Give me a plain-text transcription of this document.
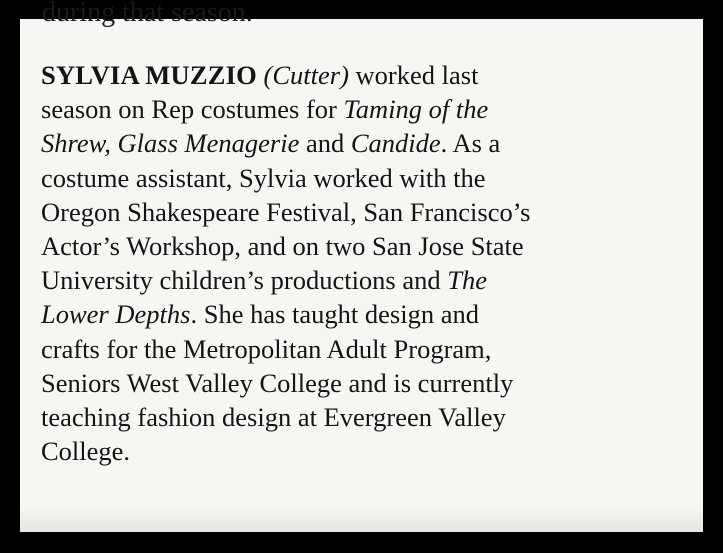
during that season.
SYLVIA MUZZIO (Cutter) worked last
season on Rep costumes for Taming of the
Shrew, Glass Menagerie and Candide. As a
costume assistant, Sylvia worked with the
Oregon Shakespeare Festival, San Francisco’s
Actor’s Workshop, and on two San Jose State
University children’s productions and The
Lower Depths. She has taught design and
crafts for the Metropolitan Adult Program,
Seniors West Valley College and is currently
teaching fashion design at Evergreen Valley
College.
